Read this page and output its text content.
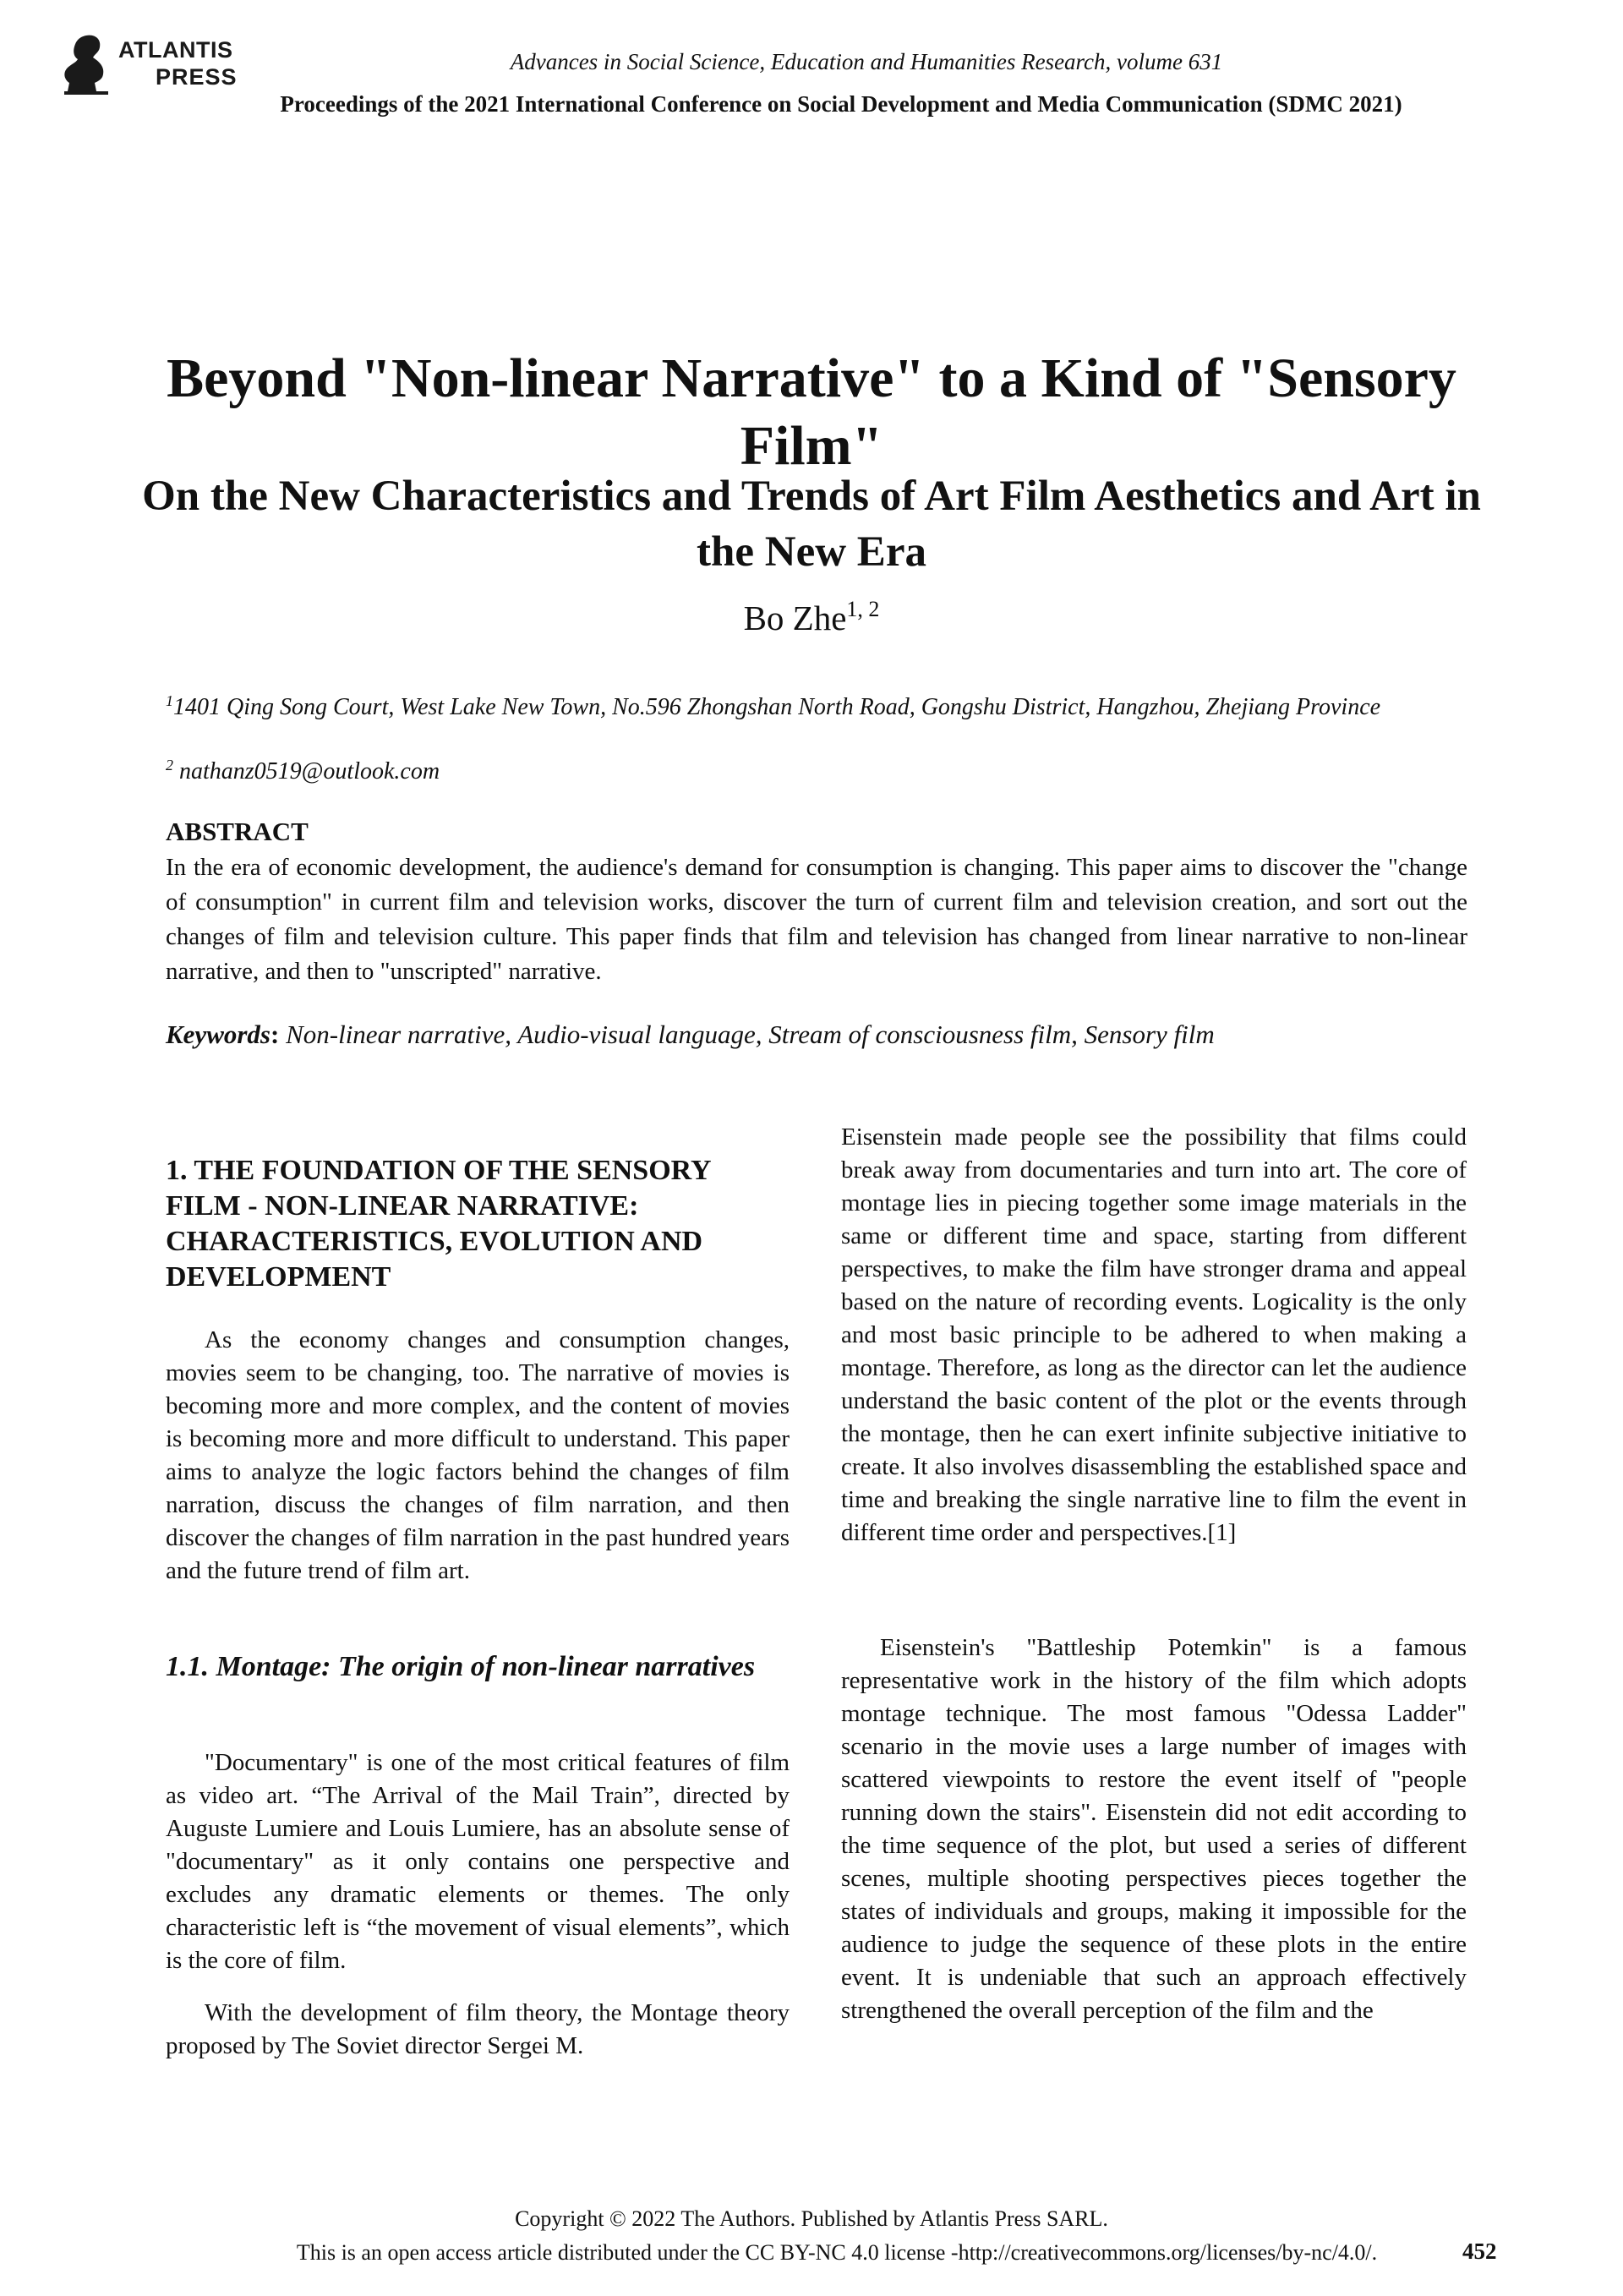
ATLANTIS
PRESS
Advances in Social Science, Education and Humanities Research, volume 631
Proceedings of the 2021 International Conference on Social Development and Media Communication (SDMC 2021)
Beyond "Non-linear Narrative" to a Kind of "Sensory Film"
On the New Characteristics and Trends of Art Film Aesthetics and Art in the New Era
Bo Zhe$^{1, 2}$
$^1$1401 Qing Song Court, West Lake New Town, No.596 Zhongshan North Road, Gongshu District, Hangzhou, Zhejiang Province
$^2$ nathanz0519@outlook.com
ABSTRACT
In the era of economic development, the audience's demand for consumption is changing. This paper aims to discover the "change of consumption" in current film and television works, discover the turn of current film and television creation, and sort out the changes of film and television culture. This paper finds that film and television has changed from linear narrative to non-linear narrative, and then to "unscripted" narrative.
Keywords: Non-linear narrative, Audio-visual language, Stream of consciousness film, Sensory film
1. THE FOUNDATION OF THE SENSORY FILM - NON-LINEAR NARRATIVE: CHARACTERISTICS, EVOLUTION AND DEVELOPMENT

As the economy changes and consumption changes, movies seem to be changing, too. The narrative of movies is becoming more and more complex, and the content of movies is becoming more and more difficult to understand. This paper aims to analyze the logic factors behind the changes of film narration, discuss the changes of film narration, and then discover the changes of film narration in the past hundred years and the future trend of film art.

1.1. Montage: The origin of non-linear narratives

"Documentary" is one of the most critical features of film as video art. “The Arrival of the Mail Train”, directed by Auguste Lumiere and Louis Lumiere, has an absolute sense of "documentary" as it only contains one perspective and excludes any dramatic elements or themes. The only characteristic left is “the movement of visual elements”, which is the core of film.

With the development of film theory, the Montage theory proposed by The Soviet director Sergei M.

Eisenstein made people see the possibility that films could break away from documentaries and turn into art. The core of montage lies in piecing together some image materials in the same or different time and space, starting from different perspectives, to make the film have stronger drama and appeal based on the nature of recording events. Logicality is the only and most basic principle to be adhered to when making a montage. Therefore, as long as the director can let the audience understand the basic content of the plot or the events through the montage, then he can exert infinite subjective initiative to create. It also involves disassembling the established space and time and breaking the single narrative line to film the event in different time order and perspectives.[1]

Eisenstein's "Battleship Potemkin" is a famous representative work in the history of the film which adopts montage technique. The most famous "Odessa Ladder" scenario in the movie uses a large number of images with scattered viewpoints to restore the event itself of "people running down the stairs". Eisenstein did not edit according to the time sequence of the plot, but used a series of different scenes, multiple shooting perspectives pieces together the states of individuals and groups, making it impossible for the audience to judge the sequence of these plots in the entire event. It is undeniable that such an approach effectively strengthened the overall perception of the film and the

Copyright © 2022 The Authors. Published by Atlantis Press SARL.
This is an open access article distributed under the CC BY-NC 4.0 license -http://creativecommons.org/licenses/by-nc/4.0/.	452
